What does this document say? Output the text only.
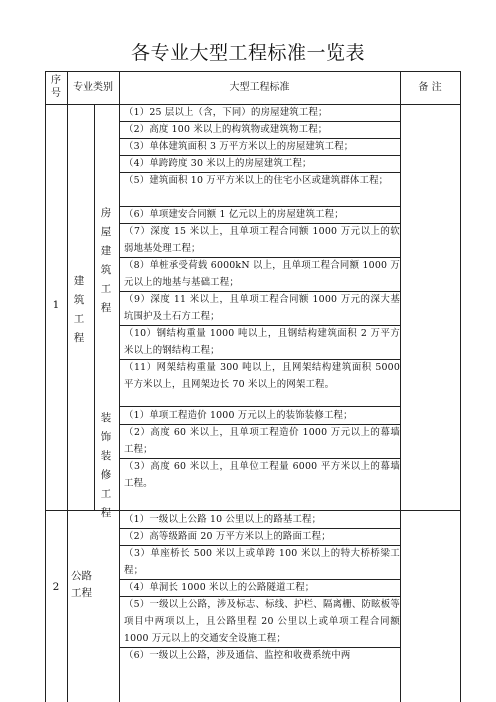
各专业大型工程标准一览表
序
号
专业类别	大型工程标准	备 注
1
建
筑
工
程
房
屋
建
筑
工
程
装
饰
装
修
工
程
（1）25 层以上（含，下同）的房屋建筑工程；
（2）高度 100 米以上的构筑物或建筑物工程；
（3）单体建筑面积 3 万平方米以上的房屋建筑工程；
（4）单跨跨度 30 米以上的房屋建筑工程；
（5）建筑面积 10 万平方米以上的住宅小区或建筑群体工程；
（6）单项建安合同额 1 亿元以上的房屋建筑工程；
（7）深度 15 米以上，且单项工程合同额 1000 万元以上的软弱地基处理工程；
（8）单桩承受荷载 6000kN 以上，且单项工程合同额 1000 万元以上的地基与基础工程；
（9）深度 11 米以上，且单项工程合同额 1000 万元的深大基坑围护及土石方工程；
（10）钢结构重量 1000 吨以上，且钢结构建筑面积 2 万平方米以上的钢结构工程；
（11）网架结构重量 300 吨以上，且网架结构建筑面积 5000 平方米以上，且网架边长 70 米以上的网架工程。
（1）单项工程造价 1000 万元以上的装饰装修工程；
（2）高度 60 米以上，且单项工程造价 1000 万元以上的幕墙工程；
（3）高度 60 米以上，且单位工程量 6000 平方米以上的幕墙工程。
2
公路工程
（1）一级以上公路 10 公里以上的路基工程；
（2）高等级路面 20 万平方米以上的路面工程；
（3）单座桥长 500 米以上或单跨 100 米以上的特大桥桥梁工程；
（4）单洞长 1000 米以上的公路隧道工程；
（5）一级以上公路，涉及标志、标线、护栏、隔离栅、防眩板等项目中两项以上，且公路里程 20 公里以上或单项工程合同额 1000 万元以上的交通安全设施工程；
（6）一级以上公路，涉及通信、监控和收费系统中两
